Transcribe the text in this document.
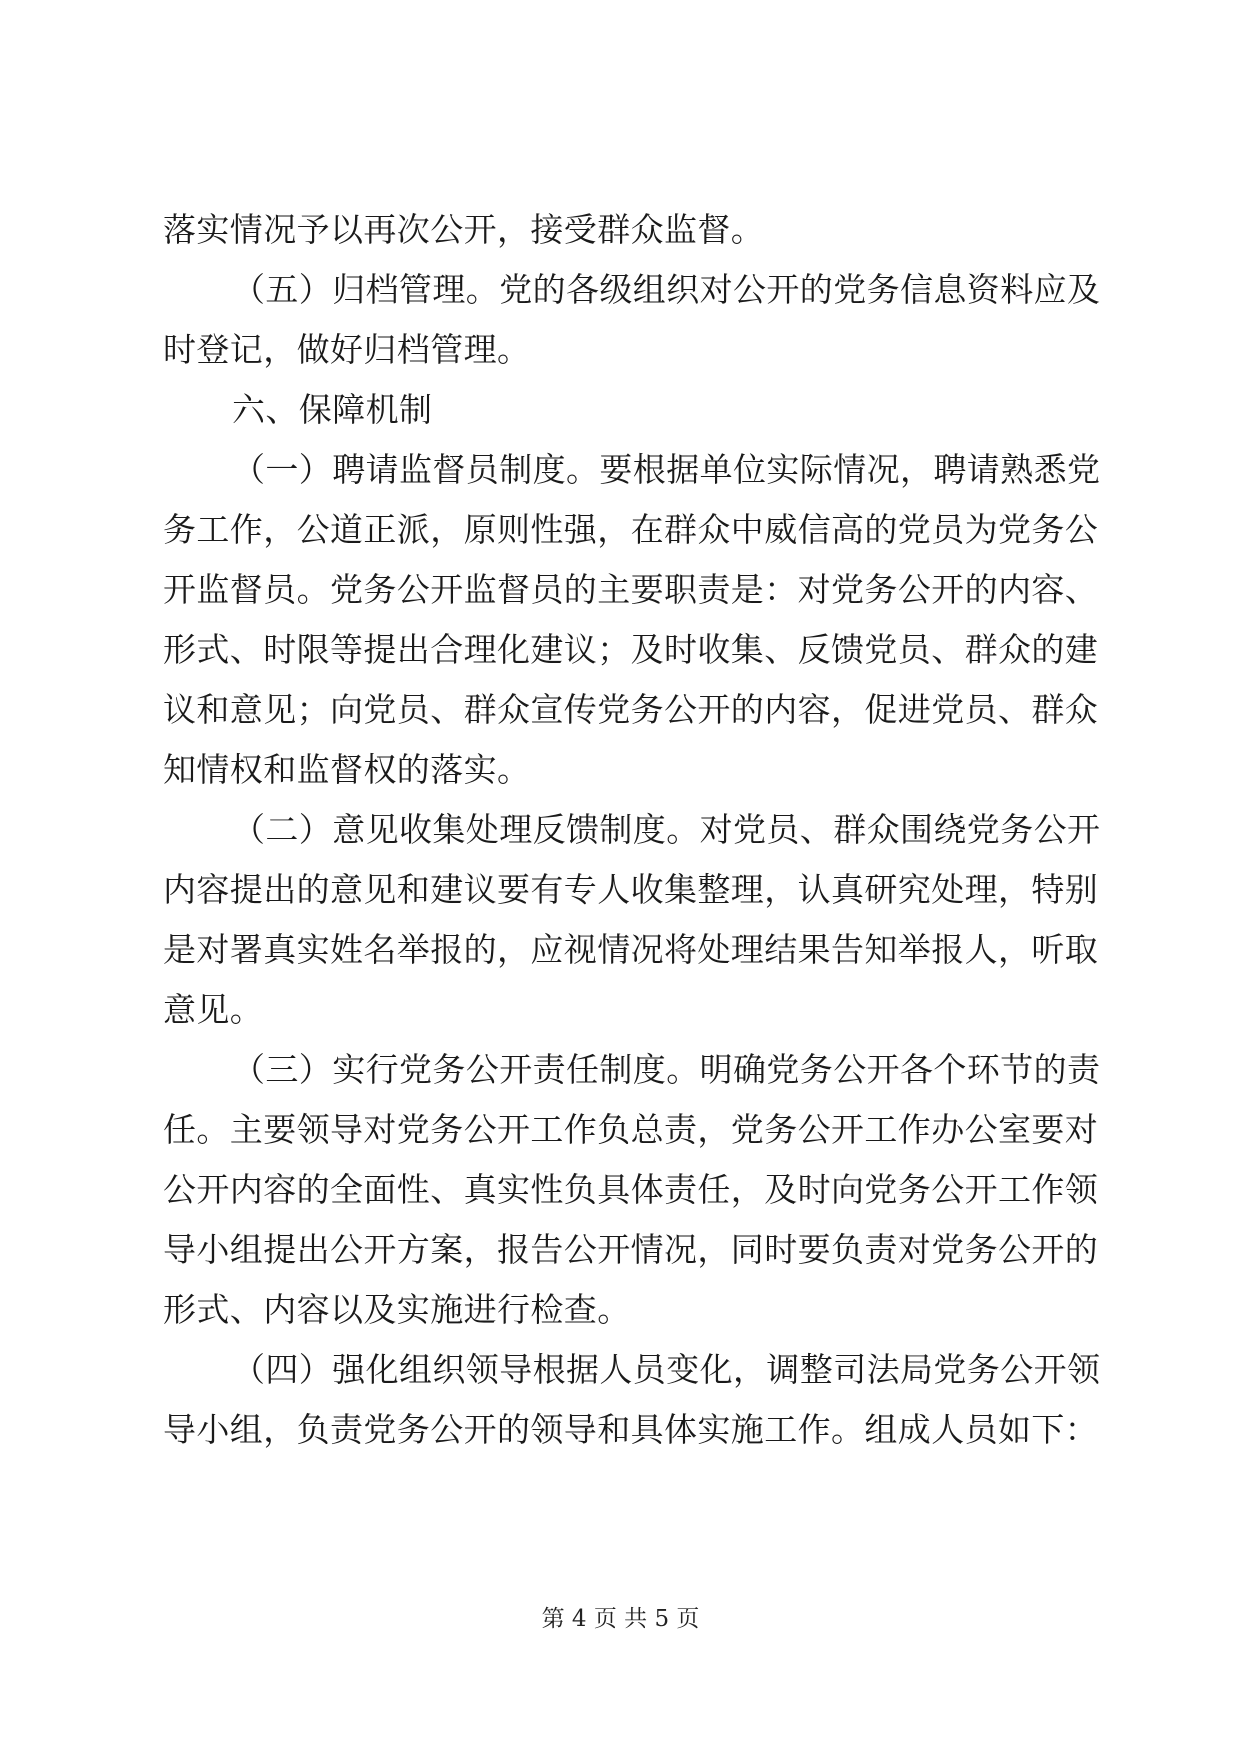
落实情况予以再次公开，接受群众监督。
（五）归档管理。党的各级组织对公开的党务信息资料应及
时登记，做好归档管理。
六、保障机制
（一）聘请监督员制度。要根据单位实际情况，聘请熟悉党
务工作，公道正派，原则性强，在群众中威信高的党员为党务公
开监督员。党务公开监督员的主要职责是：对党务公开的内容、
形式、时限等提出合理化建议；及时收集、反馈党员、群众的建
议和意见；向党员、群众宣传党务公开的内容，促进党员、群众
知情权和监督权的落实。
（二）意见收集处理反馈制度。对党员、群众围绕党务公开
内容提出的意见和建议要有专人收集整理，认真研究处理，特别
是对署真实姓名举报的，应视情况将处理结果告知举报人，听取
意见。
（三）实行党务公开责任制度。明确党务公开各个环节的责
任。主要领导对党务公开工作负总责，党务公开工作办公室要对
公开内容的全面性、真实性负具体责任，及时向党务公开工作领
导小组提出公开方案，报告公开情况，同时要负责对党务公开的
形式、内容以及实施进行检查。
（四）强化组织领导根据人员变化，调整司法局党务公开领
导小组，负责党务公开的领导和具体实施工作。组成人员如下：
第 4 页 共 5 页
